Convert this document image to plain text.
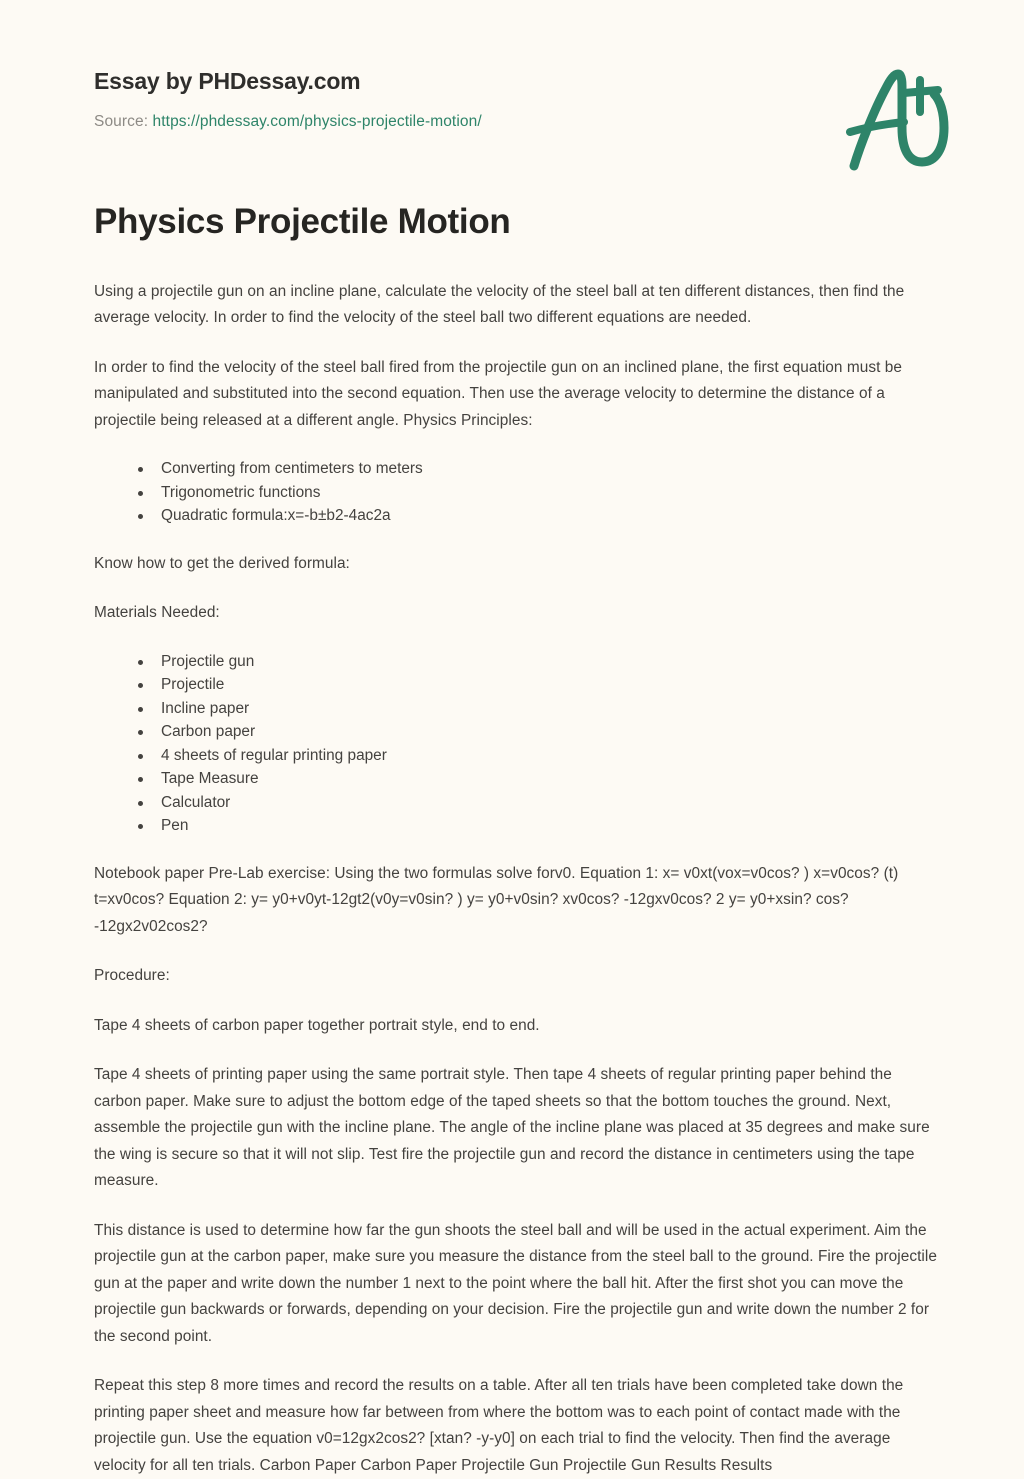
Essay by PHDessay.com
Source: https://phdessay.com/physics-projectile-motion/
Physics Projectile Motion

Using a projectile gun on an incline plane, calculate the velocity of the steel ball at ten different distances, then find the average velocity. In order to find the velocity of the steel ball two different equations are needed.

In order to find the velocity of the steel ball fired from the projectile gun on an inclined plane, the first equation must be manipulated and substituted into the second equation. Then use the average velocity to determine the distance of a projectile being released at a different angle. Physics Principles:

Converting from centimeters to meters
Trigonometric functions
Quadratic formula:x=-b±b2-4ac2a

Know how to get the derived formula:

Materials Needed:

Projectile gun
Projectile
Incline paper
Carbon paper
4 sheets of regular printing paper
Tape Measure
Calculator
Pen

Notebook paper Pre-Lab exercise: Using the two formulas solve forv0. Equation 1: x= v0xt(vox=v0cos? ) x=v0cos? (t) t=xv0cos? Equation 2: y= y0+v0yt-12gt2(v0y=v0sin? ) y= y0+v0sin? xv0cos? -12gxv0cos? 2 y= y0+xsin? cos? -12gx2v02cos2?

Procedure:

Tape 4 sheets of carbon paper together portrait style, end to end.

Tape 4 sheets of printing paper using the same portrait style. Then tape 4 sheets of regular printing paper behind the carbon paper. Make sure to adjust the bottom edge of the taped sheets so that the bottom touches the ground. Next, assemble the projectile gun with the incline plane. The angle of the incline plane was placed at 35 degrees and make sure the wing is secure so that it will not slip. Test fire the projectile gun and record the distance in centimeters using the tape measure.

This distance is used to determine how far the gun shoots the steel ball and will be used in the actual experiment. Aim the projectile gun at the carbon paper, make sure you measure the distance from the steel ball to the ground. Fire the projectile gun at the paper and write down the number 1 next to the point where the ball hit. After the first shot you can move the projectile gun backwards or forwards, depending on your decision. Fire the projectile gun and write down the number 2 for the second point.

Repeat this step 8 more times and record the results on a table. After all ten trials have been completed take down the printing paper sheet and measure how far between from where the bottom was to each point of contact made with the projectile gun. Use the equation v0=12gx2cos2? [xtan? -y-y0] on each trial to find the velocity. Then find the average velocity for all ten trials. Carbon Paper Carbon Paper Projectile Gun Projectile Gun Results Results
